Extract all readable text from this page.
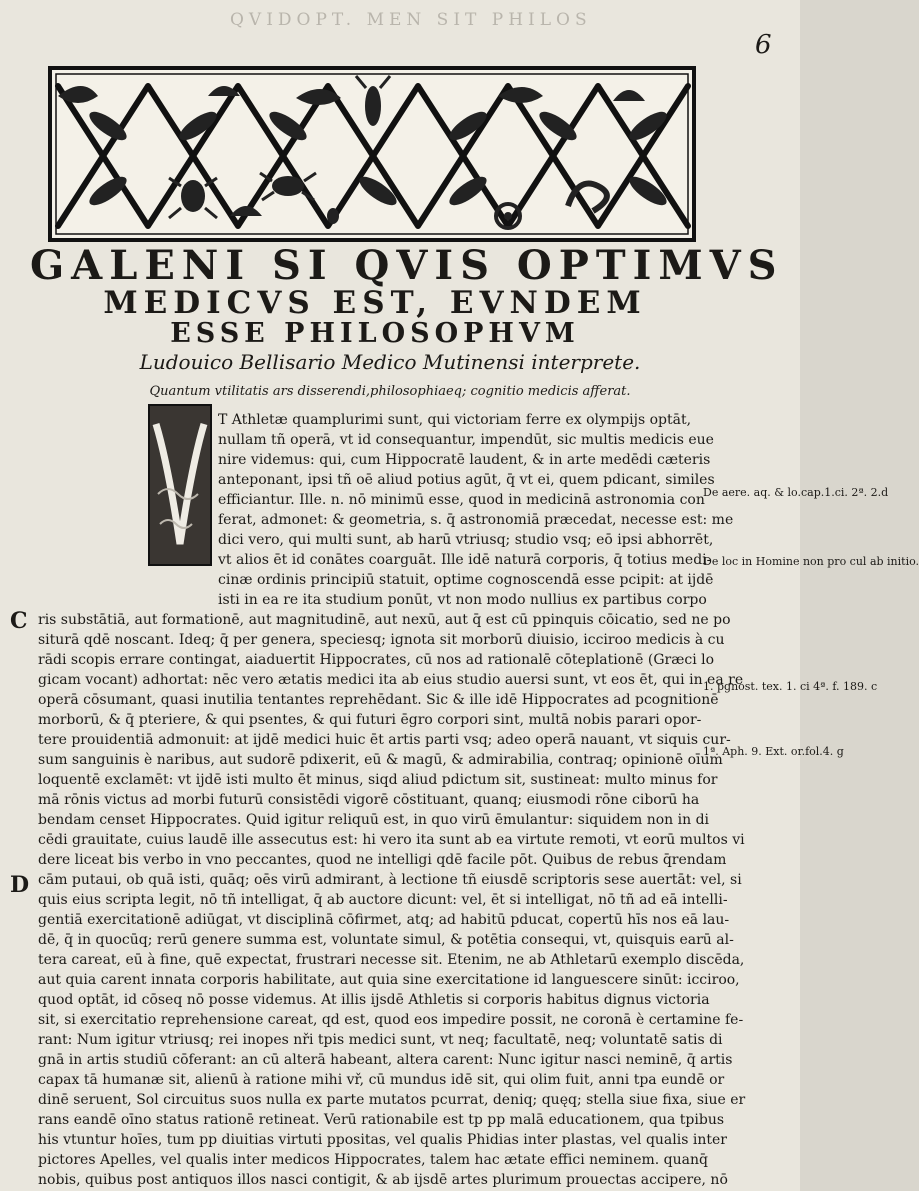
QVIDOPT. MEN SIT PHILOS
6
GALENI SI QVIS OPTIMVS
MEDICVS EST, EVNDEM
ESSE PHILOSOPHVM
Ludouico Bellisario Medico Mutinensi interprete.
Quantum vtilitatis ars disserendi,philosophiaeq; cognitio medicis afferat.
C
D
T Athletæ quamplurimi sunt, qui victoriam ferre ex olympijs optāt,
nullam tñ operā, vt id consequantur, impendūt, sic multis medicis eue
nire videmus: qui, cum Hippocratē laudent, & in arte medēdi cæteris
anteponant, ipsi tñ oē aliud potius agūt, q̄ vt ei, quem pdicant, similes
efficiantur. Ille. n. nō minimū esse, quod in medicinā astronomia con
ferat, admonet: & geometria, s. q̄ astronomiā præcedat, necesse est: me
dici vero, qui multi sunt, ab harū vtriusq; studio vsq; eō ipsi abhorrēt,
vt alios ēt id conātes coarguāt. Ille idē naturā corporis, q̄ totius medi-
cinæ ordinis principiū statuit, optime cognoscendā esse pcipit: at ijdē
isti in ea re ita studium ponūt, vt non modo nullius ex partibus corpo
ris substātiā, aut formationē, aut magnitudinē, aut nexū, aut q̄ est cū ppinquis cōicatio, sed ne po
siturā qdē noscant. Ideq; q̄ per genera, speciesq; ignota sit morborū diuisio, icciroo medicis à cu
rādi scopis errare contingat, aiaduertit Hippocrates, cū nos ad rationalē cōteplationē (Græci lo
gicam vocant) adhortat: nēc vero ætatis medici ita ab eius studio auersi sunt, vt eos ēt, qui in ea re
operā cōsumant, quasi inutilia tentantes reprehēdant. Sic & ille idē Hippocrates ad pcognitionē
morborū, & q̄ pteriere, & qui psentes, & qui futuri ēgro corpori sint, multā nobis parari opor-
tere prouidentiā admonuit: at ijdē medici huic ēt artis parti vsq; adeo operā nauant, vt siquis cur-
sum sanguinis è naribus, aut sudorē pdixerit, eū & magū, & admirabilia, contraq; opinionē oīum
loquentē exclamēt: vt ijdē isti multo ēt minus, siqd aliud pdictum sit, sustineat: multo minus for
mā rōnis victus ad morbi futurū consistēdi vigorē cōstituant, quanq; eiusmodi rōne ciborū ha
bendam censet Hippocrates. Quid igitur reliquū est, in quo virū ēmulantur: siquidem non in di
cēdi grauitate, cuius laudē ille assecutus est: hi vero ita sunt ab ea virtute remoti, vt eorū multos vi
dere liceat bis verbo in vno peccantes, quod ne intelligi qdē facile pōt. Quibus de rebus q̄rendam
cām putaui, ob quā isti, quāq; oēs virū admirant, à lectione tñ eiusdē scriptoris sese auertāt: vel, si
quis eius scripta legit, nō tñ intelligat, q̄ ab auctore dicunt: vel, ēt si intelligat, nō tñ ad eā intelli-
gentiā exercitationē adiūgat, vt disciplinā cōfirmet, atq; ad habitū pducat, copertū hīs nos eā lau-
dē, q̄ in quocūq; rerū genere summa est, voluntate simul, & potētia consequi, vt, quisquis earū al-
tera careat, eū à fine, quē expectat, frustrari necesse sit. Etenim, ne ab Athletarū exemplo discēda,
aut quia carent innata corporis habilitate, aut quia sine exercitatione id languescere sinūt: icciroo,
quod optāt, id cōseq nō posse videmus. At illis ijsdē Athletis si corporis habitus dignus victoria
sit, si exercitatio reprehensione careat, qd est, quod eos impedire possit, ne coronā è certamine fe-
rant: Num igitur vtriusq; rei inopes nři tpis medici sunt, vt neq; facultatē, neq; voluntatē satis di
gnā in artis studiū cōferant: an cū alterā habeant, altera carent: Nunc igitur nasci neminē, q̄ artis
capax tā humanæ sit, alienū à ratione mihi vř, cū mundus idē sit, qui olim fuit, anni tpa eundē or
dinē seruent, Sol circuitus suos nulla ex parte mutatos pcurrat, deniq; quęq; stella siue fixa, siue er
rans eandē oīno status rationē retineat. Verū rationabile est tp pp malā educationem, qua tpibus
his vtuntur hoīes, tum pp diuitias virtuti ppositas, vel qualis Phidias inter plastas, vel qualis inter
pictores Apelles, vel qualis inter medicos Hippocrates, talem hac ætate effici neminem. quanq̄
nobis, quibus post antiquos illos nasci contigit, & ab ijsdē artes plurimum prouectas accipere, nō
De aere. aq. & lo.cap.1.ci. 2ª. 2.d
De loc in Homine non pro cul ab initio.
1. pgnost. tex. 1. ci 4ª. f. 189. c
1ª. Aph. 9. Ext. or.fol.4. g
